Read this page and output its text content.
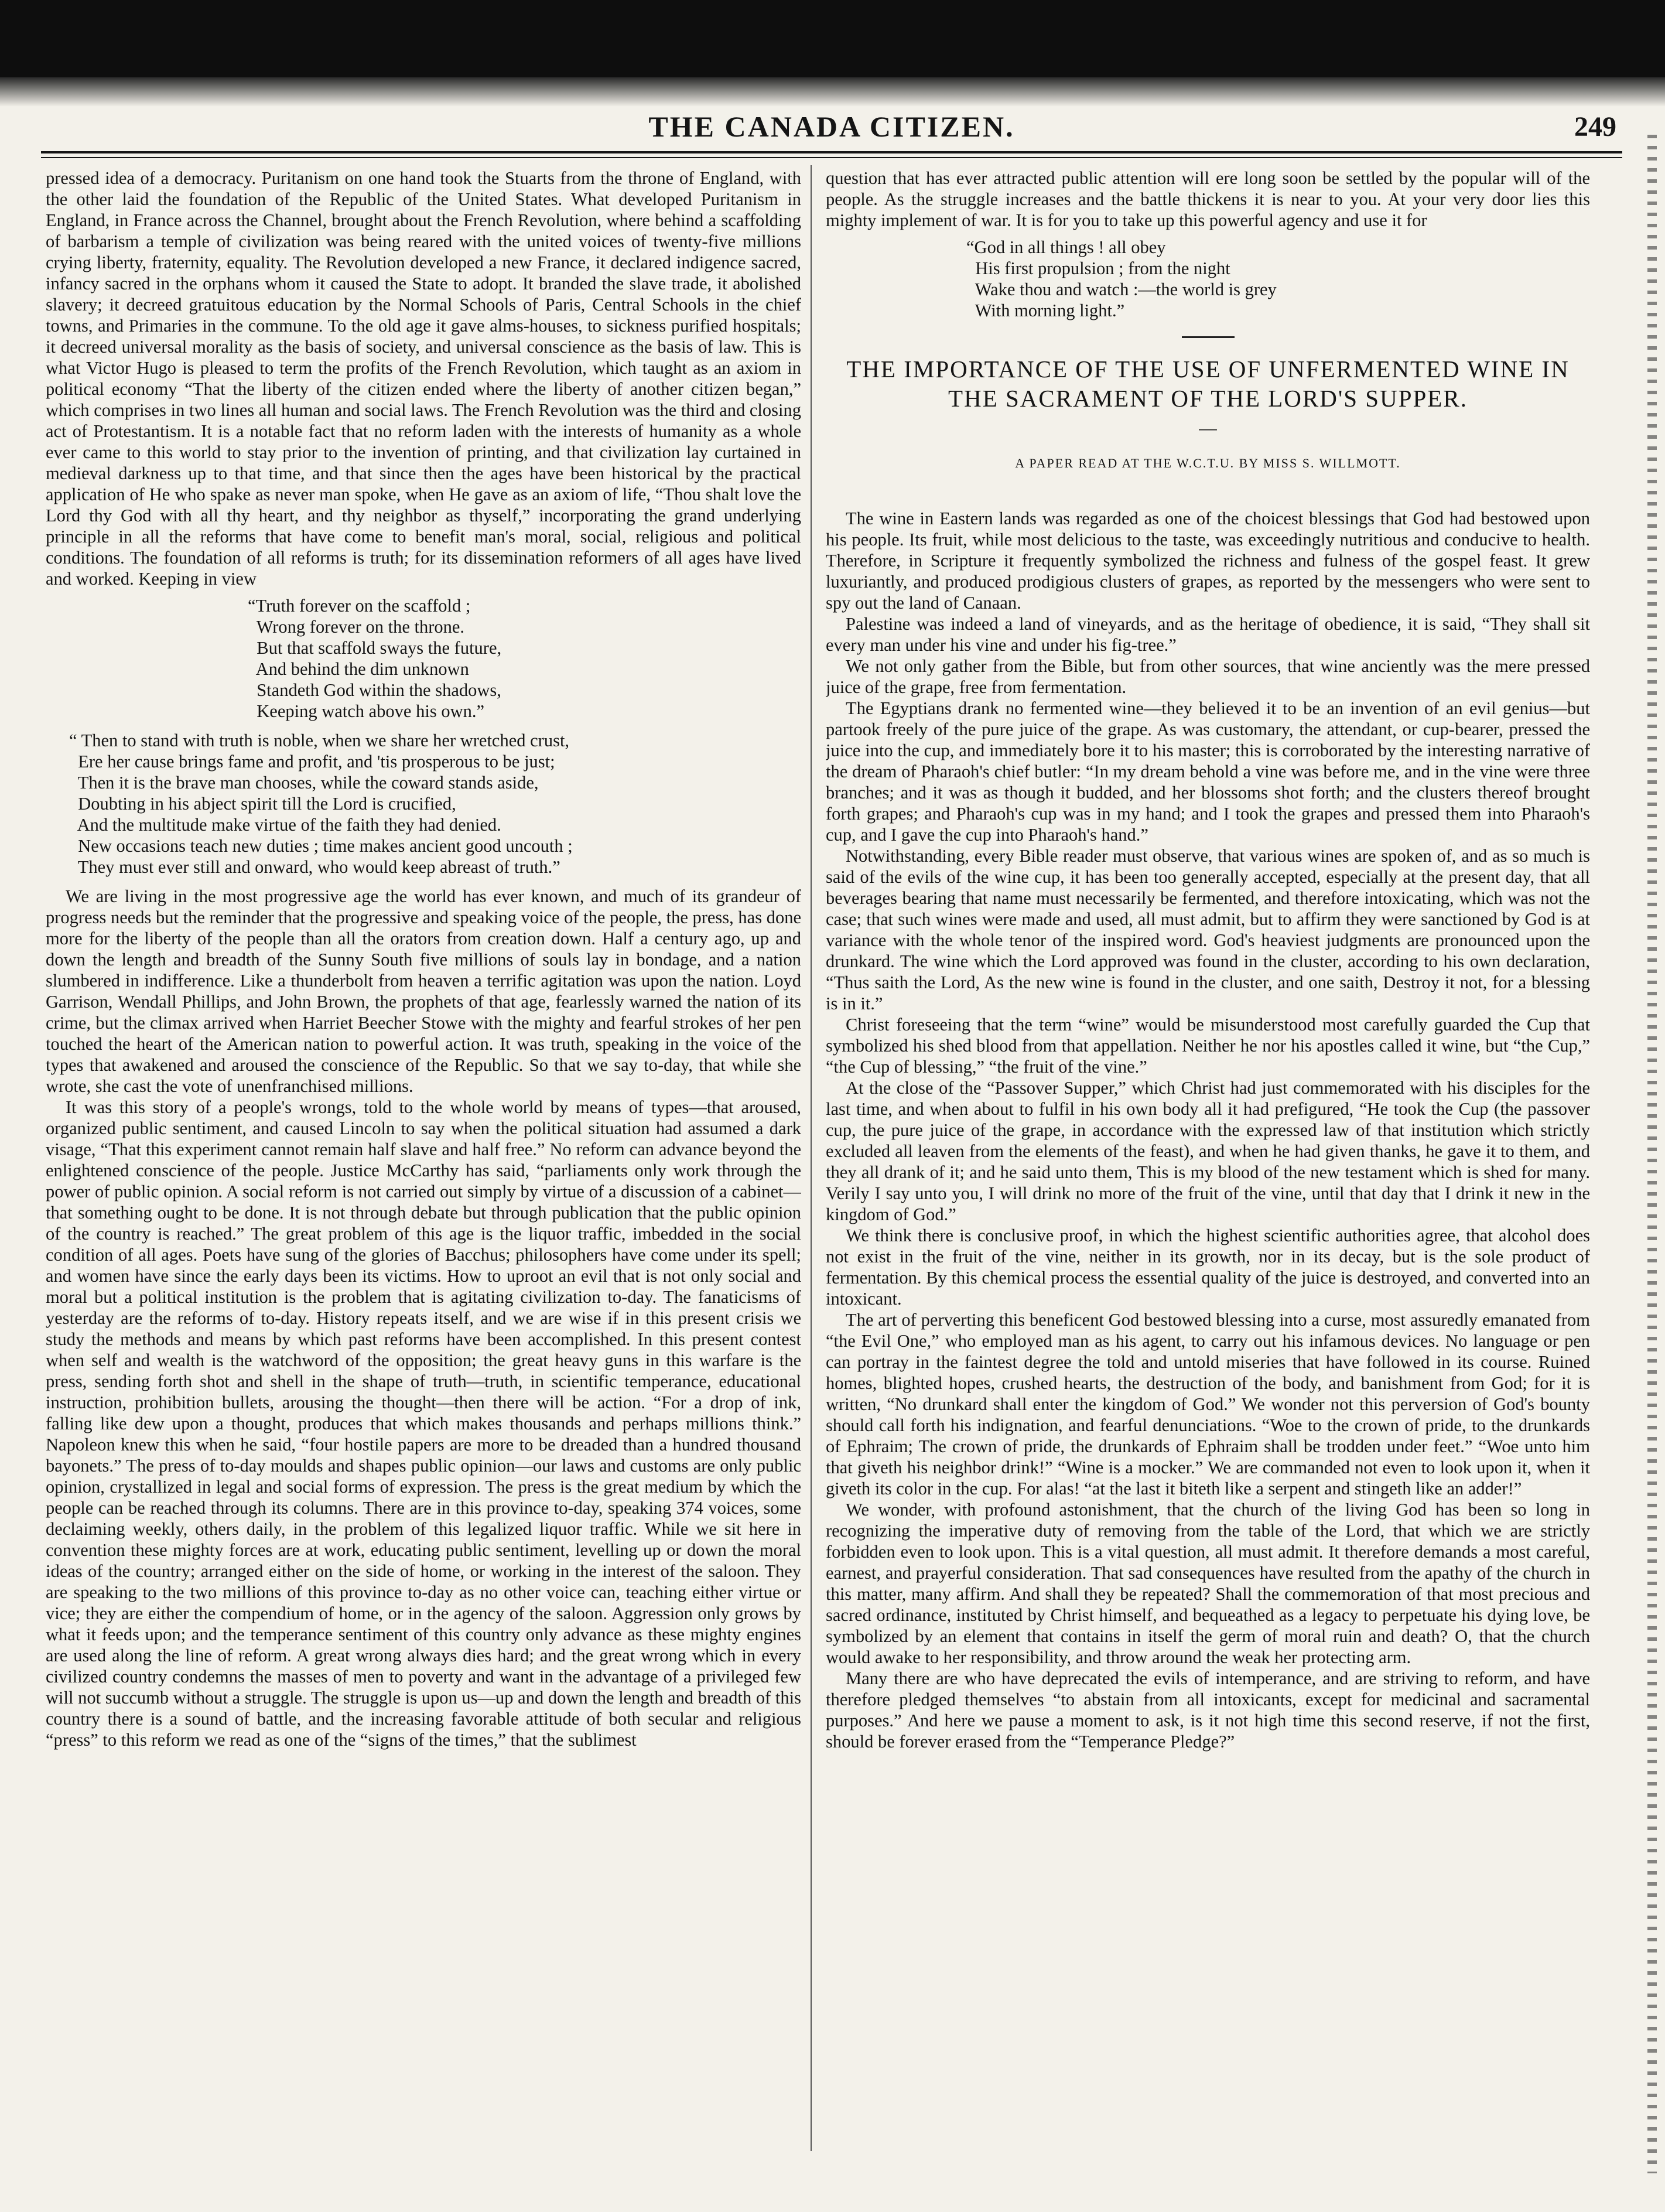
THE CANADA CITIZEN.	249

pressed idea of a democracy. Puritanism on one hand took the Stuarts from the throne of England, with the other laid the foundation of the Republic of the United States. What developed Puritanism in England, in France across the Channel, brought about the French Revolution, where behind a scaffolding of barbarism a temple of civilization was being reared with the united voices of twenty-five millions crying liberty, fraternity, equality. The Revolution developed a new France, it declared indigence sacred, infancy sacred in the orphans whom it caused the State to adopt. It branded the slave trade, it abolished slavery; it decreed gratuitous education by the Normal Schools of Paris, Central Schools in the chief towns, and Primaries in the commune. To the old age it gave alms-houses, to sickness purified hospitals; it decreed universal morality as the basis of society, and universal conscience as the basis of law. This is what Victor Hugo is pleased to term the profits of the French Revolution, which taught as an axiom in political economy “That the liberty of the citizen ended where the liberty of another citizen began,” which comprises in two lines all human and social laws. The French Revolution was the third and closing act of Protestantism. It is a notable fact that no reform laden with the interests of humanity as a whole ever came to this world to stay prior to the invention of printing, and that civilization lay curtained in medieval darkness up to that time, and that since then the ages have been historical by the practical application of He who spake as never man spoke, when He gave as an axiom of life, “Thou shalt love the Lord thy God with all thy heart, and thy neighbor as thyself,” incorporating the grand underlying principle in all the reforms that have come to benefit man's moral, social, religious and political conditions. The foundation of all reforms is truth; for its dissemination reformers of all ages have lived and worked. Keeping in view

“Truth forever on the scaffold ;
Wrong forever on the throne.
But that scaffold sways the future,
And behind the dim unknown
Standeth God within the shadows,
Keeping watch above his own.”
“ Then to stand with truth is noble, when we share her wretched crust,
Ere her cause brings fame and profit, and 'tis prosperous to be just;
Then it is the brave man chooses, while the coward stands aside,
Doubting in his abject spirit till the Lord is crucified,
And the multitude make virtue of the faith they had denied.
New occasions teach new duties ; time makes ancient good uncouth ;
They must ever still and onward, who would keep abreast of truth.”

We are living in the most progressive age the world has ever known, and much of its grandeur of progress needs but the reminder that the progressive and speaking voice of the people, the press, has done more for the liberty of the people than all the orators from creation down. Half a century ago, up and down the length and breadth of the Sunny South five millions of souls lay in bondage, and a nation slumbered in indifference. Like a thunderbolt from heaven a terrific agitation was upon the nation. Loyd Garrison, Wendall Phillips, and John Brown, the prophets of that age, fearlessly warned the nation of its crime, but the climax arrived when Harriet Beecher Stowe with the mighty and fearful strokes of her pen touched the heart of the American nation to powerful action. It was truth, speaking in the voice of the types that awakened and aroused the conscience of the Republic. So that we say to-day, that while she wrote, she cast the vote of unenfranchised millions.

It was this story of a people's wrongs, told to the whole world by means of types—that aroused, organized public sentiment, and caused Lincoln to say when the political situation had assumed a dark visage, “That this experiment cannot remain half slave and half free.” No reform can advance beyond the enlightened conscience of the people. Justice McCarthy has said, “parliaments only work through the power of public opinion. A social reform is not carried out simply by virtue of a discussion of a cabinet—that something ought to be done. It is not through debate but through publication that the public opinion of the country is reached.” The great problem of this age is the liquor traffic, imbedded in the social condition of all ages. Poets have sung of the glories of Bacchus; philosophers have come under its spell; and women have since the early days been its victims. How to uproot an evil that is not only social and moral but a political institution is the problem that is agitating civilization to-day. The fanaticisms of yesterday are the reforms of to-day. History repeats itself, and we are wise if in this present crisis we study the methods and means by which past reforms have been accomplished. In this present contest when self and wealth is the watchword of the opposition; the great heavy guns in this warfare is the press, sending forth shot and shell in the shape of truth—truth, in scientific temperance, educational instruction, prohibition bullets, arousing the thought—then there will be action. “For a drop of ink, falling like dew upon a thought, produces that which makes thousands and perhaps millions think.” Napoleon knew this when he said, “four hostile papers are more to be dreaded than a hundred thousand bayonets.” The press of to-day moulds and shapes public opinion—our laws and customs are only public opinion, crystallized in legal and social forms of expression. The press is the great medium by which the people can be reached through its columns. There are in this province to-day, speaking 374 voices, some declaiming weekly, others daily, in the problem of this legalized liquor traffic. While we sit here in convention these mighty forces are at work, educating public sentiment, levelling up or down the moral ideas of the country; arranged either on the side of home, or working in the interest of the saloon. They are speaking to the two millions of this province to-day as no other voice can, teaching either virtue or vice; they are either the compendium of home, or in the agency of the saloon. Aggression only grows by what it feeds upon; and the temperance sentiment of this country only advance as these mighty engines are used along the line of reform. A great wrong always dies hard; and the great wrong which in every civilized country condemns the masses of men to poverty and want in the advantage of a privileged few will not succumb without a struggle. The struggle is upon us—up and down the length and breadth of this country there is a sound of battle, and the increasing favorable attitude of both secular and religious “press” to this reform we read as one of the “signs of the times,” that the sublimest

question that has ever attracted public attention will ere long soon be settled by the popular will of the people. As the struggle increases and the battle thickens it is near to you. At your very door lies this mighty implement of war. It is for you to take up this powerful agency and use it for

“God in all things ! all obey
His first propulsion ; from the night
Wake thou and watch :—the world is grey
With morning light.”
THE IMPORTANCE OF THE USE OF UNFERMENTED WINE IN THE SACRAMENT OF THE LORD'S SUPPER.
—
A PAPER READ AT THE W.C.T.U. BY MISS S. WILLMOTT.

The wine in Eastern lands was regarded as one of the choicest blessings that God had bestowed upon his people. Its fruit, while most delicious to the taste, was exceedingly nutritious and conducive to health. Therefore, in Scripture it frequently symbolized the richness and fulness of the gospel feast. It grew luxuriantly, and produced prodigious clusters of grapes, as reported by the messengers who were sent to spy out the land of Canaan.

Palestine was indeed a land of vineyards, and as the heritage of obedience, it is said, “They shall sit every man under his vine and under his fig-tree.”

We not only gather from the Bible, but from other sources, that wine anciently was the mere pressed juice of the grape, free from fermentation.

The Egyptians drank no fermented wine—they believed it to be an invention of an evil genius—but partook freely of the pure juice of the grape. As was customary, the attendant, or cup-bearer, pressed the juice into the cup, and immediately bore it to his master; this is corroborated by the interesting narrative of the dream of Pharaoh's chief butler: “In my dream behold a vine was before me, and in the vine were three branches; and it was as though it budded, and her blossoms shot forth; and the clusters thereof brought forth grapes; and Pharaoh's cup was in my hand; and I took the grapes and pressed them into Pharaoh's cup, and I gave the cup into Pharaoh's hand.”

Notwithstanding, every Bible reader must observe, that various wines are spoken of, and as so much is said of the evils of the wine cup, it has been too generally accepted, especially at the present day, that all beverages bearing that name must necessarily be fermented, and therefore intoxicating, which was not the case; that such wines were made and used, all must admit, but to affirm they were sanctioned by God is at variance with the whole tenor of the inspired word. God's heaviest judgments are pronounced upon the drunkard. The wine which the Lord approved was found in the cluster, according to his own declaration, “Thus saith the Lord, As the new wine is found in the cluster, and one saith, Destroy it not, for a blessing is in it.”

Christ foreseeing that the term “wine” would be misunderstood most carefully guarded the Cup that symbolized his shed blood from that appellation. Neither he nor his apostles called it wine, but “the Cup,” “the Cup of blessing,” “the fruit of the vine.”

At the close of the “Passover Supper,” which Christ had just commemorated with his disciples for the last time, and when about to fulfil in his own body all it had prefigured, “He took the Cup (the passover cup, the pure juice of the grape, in accordance with the expressed law of that institution which strictly excluded all leaven from the elements of the feast), and when he had given thanks, he gave it to them, and they all drank of it; and he said unto them, This is my blood of the new testament which is shed for many. Verily I say unto you, I will drink no more of the fruit of the vine, until that day that I drink it new in the kingdom of God.”

We think there is conclusive proof, in which the highest scientific authorities agree, that alcohol does not exist in the fruit of the vine, neither in its growth, nor in its decay, but is the sole product of fermentation. By this chemical process the essential quality of the juice is destroyed, and converted into an intoxicant.

The art of perverting this beneficent God bestowed blessing into a curse, most assuredly emanated from “the Evil One,” who employed man as his agent, to carry out his infamous devices. No language or pen can portray in the faintest degree the told and untold miseries that have followed in its course. Ruined homes, blighted hopes, crushed hearts, the destruction of the body, and banishment from God; for it is written, “No drunkard shall enter the kingdom of God.” We wonder not this perversion of God's bounty should call forth his indignation, and fearful denunciations. “Woe to the crown of pride, to the drunkards of Ephraim; The crown of pride, the drunkards of Ephraim shall be trodden under feet.” “Woe unto him that giveth his neighbor drink!” “Wine is a mocker.” We are commanded not even to look upon it, when it giveth its color in the cup. For alas! “at the last it biteth like a serpent and stingeth like an adder!”

We wonder, with profound astonishment, that the church of the living God has been so long in recognizing the imperative duty of removing from the table of the Lord, that which we are strictly forbidden even to look upon. This is a vital question, all must admit. It therefore demands a most careful, earnest, and prayerful consideration. That sad consequences have resulted from the apathy of the church in this matter, many affirm. And shall they be repeated? Shall the commemoration of that most precious and sacred ordinance, instituted by Christ himself, and bequeathed as a legacy to perpetuate his dying love, be symbolized by an element that contains in itself the germ of moral ruin and death? O, that the church would awake to her responsibility, and throw around the weak her protecting arm.

Many there are who have deprecated the evils of intemperance, and are striving to reform, and have therefore pledged themselves “to abstain from all intoxicants, except for medicinal and sacramental purposes.” And here we pause a moment to ask, is it not high time this second reserve, if not the first, should be forever erased from the “Temperance Pledge?”
